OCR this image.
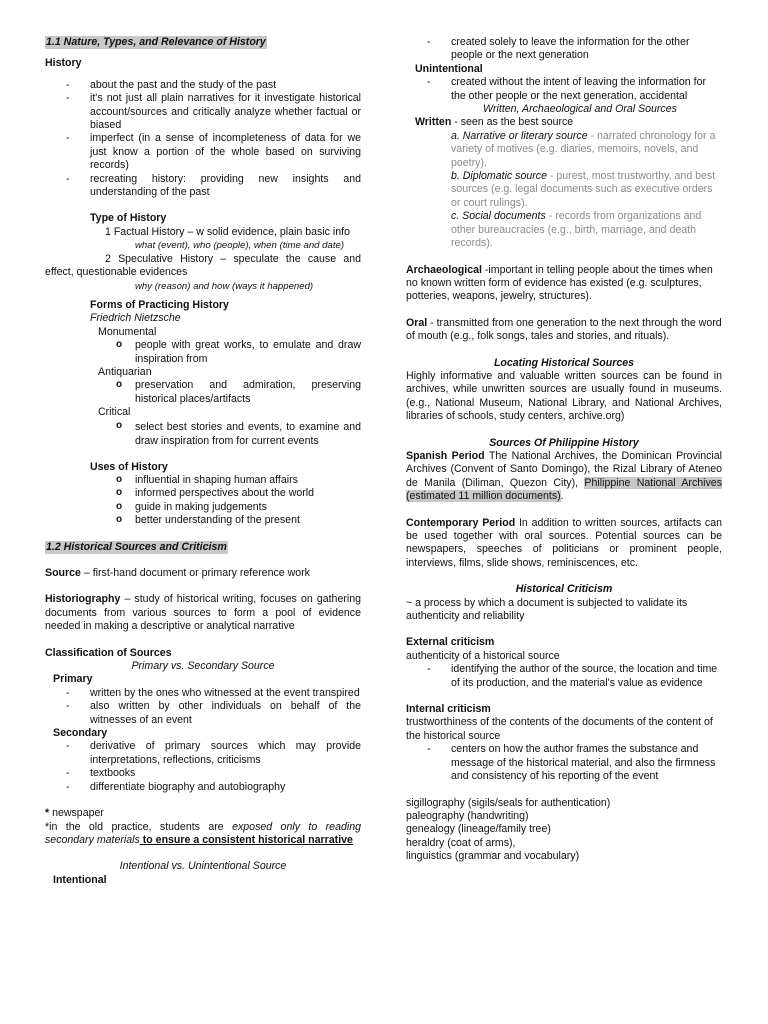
1.1 Nature, Types, and Relevance of History
History
- about the past and the study of the past
- it's not just all plain narratives for it investigate historical account/sources and critically analyze whether factual or biased
- imperfect (in a sense of incompleteness of data for we just know a portion of the whole based on surviving records)
- recreating history: providing new insights and understanding of the past
Type of History
1 Factual History – w solid evidence, plain basic info
what (event), who (people), when (time and date)
2 Speculative History – speculate the cause and effect, questionable evidences
why (reason) and how (ways it happened)
Forms of Practicing History
Friedrich Nietzsche
Monumental
o people with great works, to emulate and draw inspiration from
Antiquarian
o preservation and admiration, preserving historical places/artifacts
Critical
o select best stories and events, to examine and draw inspiration from for current events
Uses of History
o influential in shaping human affairs
o informed perspectives about the world
o guide in making judgements
o better understanding of the present
1.2 Historical Sources and Criticism
Source – first-hand document or primary reference work
Historiography – study of historical writing, focuses on gathering documents from various sources to form a pool of evidence needed in making a descriptive or analytical narrative
Classification of Sources
Primary vs. Secondary Source
Primary
- written by the ones who witnessed at the event transpired
- also written by other individuals on behalf of the witnesses of an event
Secondary
- derivative of primary sources which may provide interpretations, reflections, criticisms
- textbooks
- differentiate biography and autobiography
* newspaper
*in the old practice, students are exposed only to reading secondary materials to ensure a consistent historical narrative
Intentional vs. Unintentional Source
Intentional
- created solely to leave the information for the other people or the next generation
Unintentional
- created without the intent of leaving the information for the other people or the next generation, accidental
Written, Archaeological and Oral Sources
Written - seen as the best source
a. Narrative or literary source - narrated chronology for a variety of motives (e.g. diaries, memoirs, novels, and poetry).
b. Diplomatic source - purest, most trustworthy, and best sources (e.g. legal documents such as executive orders or court rulings).
c. Social documents - records from organizations and other bureaucracies (e.g., birth, marriage, and death records).
Archaeological -important in telling people about the times when no known written form of evidence has existed (e.g. sculptures, potteries, weapons, jewelry, structures).
Oral - transmitted from one generation to the next through the word of mouth (e.g., folk songs, tales and stories, and rituals).
Locating Historical Sources
Highly informative and valuable written sources can be found in archives, while unwritten sources are usually found in museums. (e.g., National Museum, National Library, and National Archives, libraries of schools, study centers, archive.org)
Sources Of Philippine History
Spanish Period The National Archives, the Dominican Provincial Archives (Convent of Santo Domingo), the Rizal Library of Ateneo de Manila (Diliman, Quezon City), Philippine National Archives (estimated 11 million documents).
Contemporary Period In addition to written sources, artifacts can be used together with oral sources. Potential sources can be newspapers, speeches of politicians or prominent people, interviews, films, slide shows, reminiscences, etc.
Historical Criticism
~ a process by which a document is subjected to validate its authenticity and reliability
External criticism
authenticity of a historical source
- identifying the author of the source, the location and time of its production, and the material's value as evidence
Internal criticism
trustworthiness of the contents of the documents of the content of the historical source
- centers on how the author frames the substance and message of the historical material, and also the firmness and consistency of his reporting of the event
sigillography (sigils/seals for authentication)
paleography (handwriting)
genealogy (lineage/family tree)
heraldry (coat of arms),
linguistics (grammar and vocabulary)
